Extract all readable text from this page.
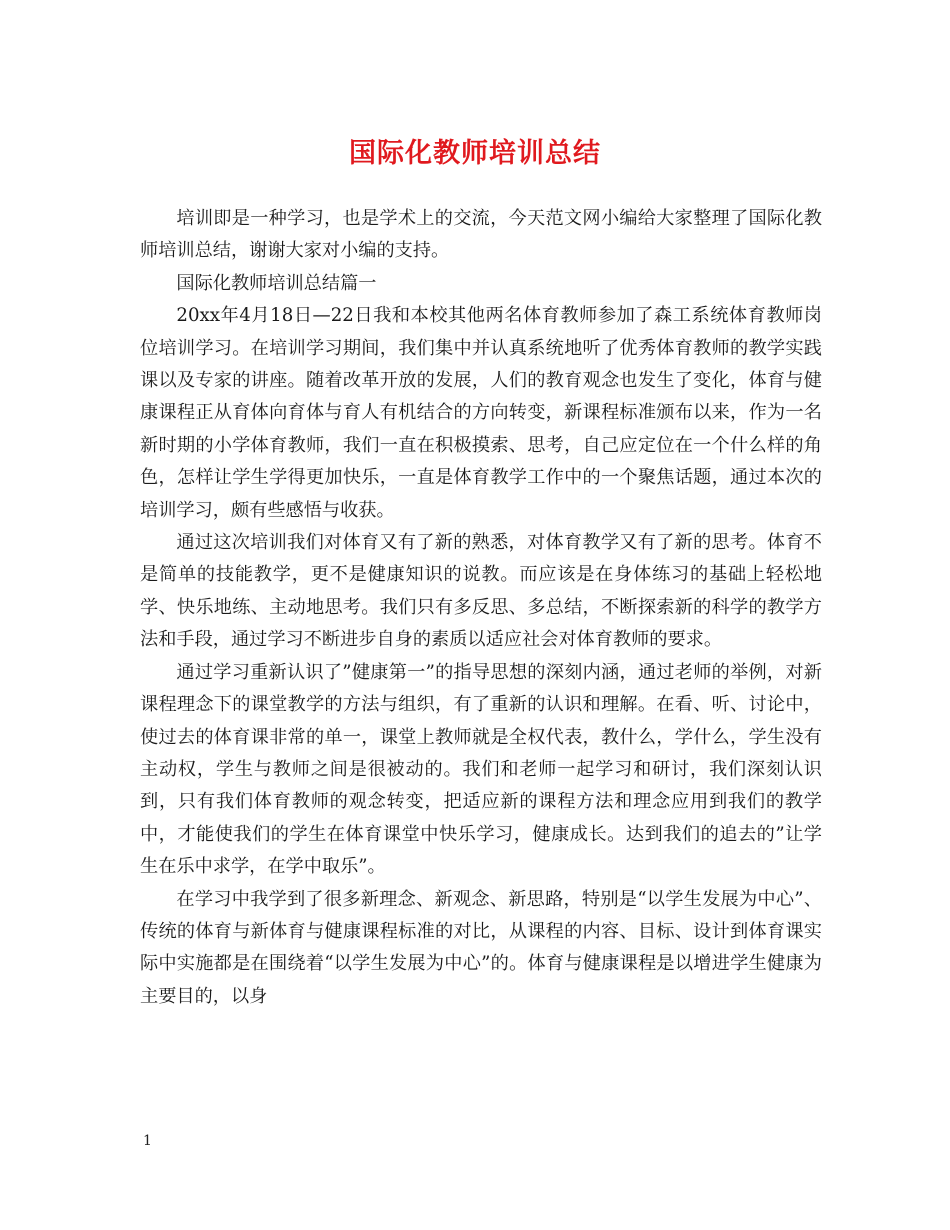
国际化教师培训总结

培训即是一种学习，也是学术上的交流，今天范文网小编给大家整理了国际化教师培训总结，谢谢大家对小编的支持。

国际化教师培训总结篇一

20xx年4月18日—22日我和本校其他两名体育教师参加了森工系统体育教师岗位培训学习。在培训学习期间，我们集中并认真系统地听了优秀体育教师的教学实践课以及专家的讲座。随着改革开放的发展，人们的教育观念也发生了变化，体育与健康课程正从育体向育体与育人有机结合的方向转变，新课程标准颁布以来，作为一名新时期的小学体育教师，我们一直在积极摸索、思考，自己应定位在一个什么样的角色，怎样让学生学得更加快乐，一直是体育教学工作中的一个聚焦话题，通过本次的培训学习，颇有些感悟与收获。

通过这次培训我们对体育又有了新的熟悉，对体育教学又有了新的思考。体育不是简单的技能教学，更不是健康知识的说教。而应该是在身体练习的基础上轻松地学、快乐地练、主动地思考。我们只有多反思、多总结，不断探索新的科学的教学方法和手段，通过学习不断进步自身的素质以适应社会对体育教师的要求。

通过学习重新认识了”健康第一”的指导思想的深刻内涵，通过老师的举例，对新课程理念下的课堂教学的方法与组织，有了重新的认识和理解。在看、听、讨论中，使过去的体育课非常的单一，课堂上教师就是全权代表，教什么，学什么，学生没有主动权，学生与教师之间是很被动的。我们和老师一起学习和研讨，我们深刻认识到，只有我们体育教师的观念转变，把适应新的课程方法和理念应用到我们的教学中，才能使我们的学生在体育课堂中快乐学习，健康成长。达到我们的追去的”让学生在乐中求学，在学中取乐”。

在学习中我学到了很多新理念、新观念、新思路，特别是“以学生发展为中心”、传统的体育与新体育与健康课程标准的对比，从课程的内容、目标、设计到体育课实际中实施都是在围绕着“以学生发展为中心”的。体育与健康课程是以增进学生健康为主要目的，以身

1
